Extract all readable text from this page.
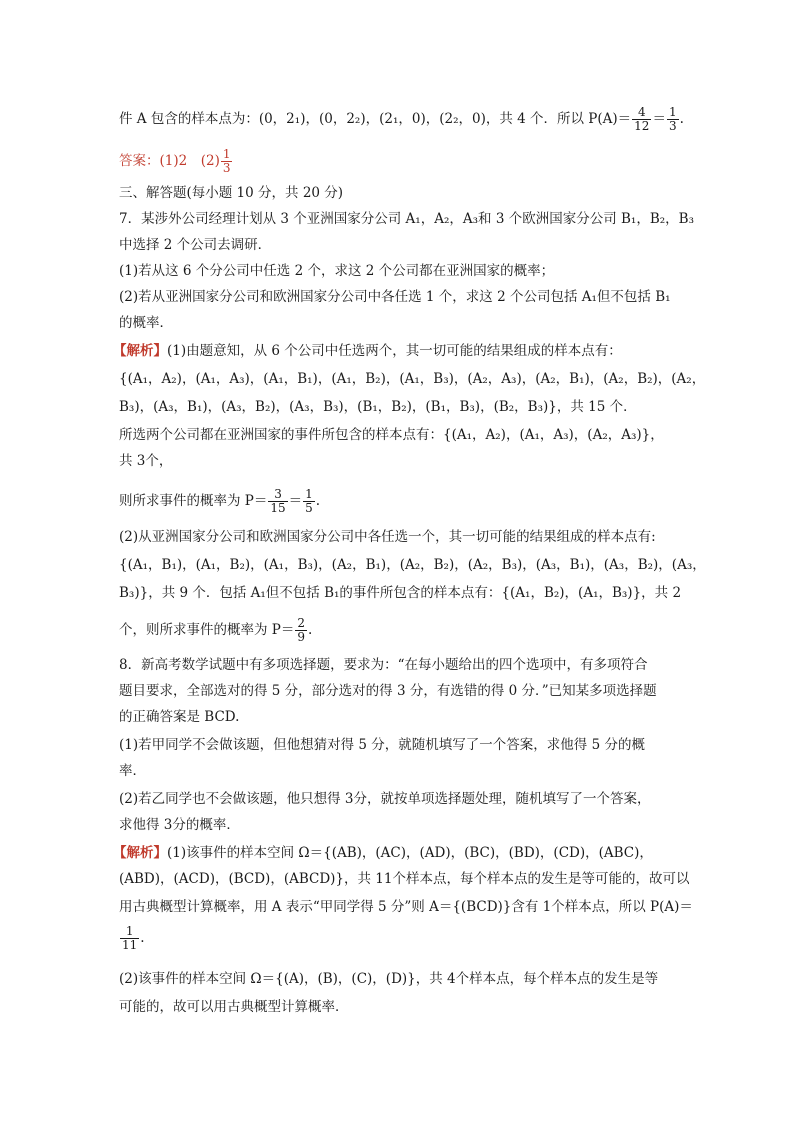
件 A 包含的样本点为：(0，2₁)，(0，2₂)，(2₁，0)，(2₂，0)，共 4 个．所以 $P(A)= \frac{4}{12} = \frac{1}{3}$ .
答案：(1)2　$(2) \frac{1}{3}$
三、解答题(每小题 10 分，共 20 分)
7．某涉外公司经理计划从 3 个亚洲国家分公司 A₁，A₂，A₃和 3 个欧洲国家分公司 B₁，B₂，B₃
中选择 2 个公司去调研．
(1)若从这 6 个分公司中任选 2 个，求这 2 个公司都在亚洲国家的概率；
(2)若从亚洲国家分公司和欧洲国家分公司中各任选 1 个，求这 2 个公司包括 A₁但不包括 B₁
的概率．
【解析】(1)由题意知，从 6 个公司中任选两个，其一切可能的结果组成的样本点有：
{(A₁，A₂)，(A₁，A₃)，(A₁，B₁)，(A₁，B₂)，(A₁，B₃)，(A₂，A₃)，(A₂，B₁)，(A₂，B₂)，(A₂，
B₃)，(A₃，B₁)，(A₃，B₂)，(A₃，B₃)，(B₁，B₂)，(B₁，B₃)，(B₂，B₃)}，共 15 个．
所选两个公司都在亚洲国家的事件所包含的样本点有：{(A₁，A₂)，(A₁，A₃)，(A₂，A₃)}，
共 3个，
则所求事件的概率为 $P= \frac{3}{15} = \frac{1}{5}$ .
(2)从亚洲国家分公司和欧洲国家分公司中各任选一个，其一切可能的结果组成的样本点有:
{(A₁，B₁)，(A₁，B₂)，(A₁，B₃)，(A₂，B₁)，(A₂，B₂)，(A₂，B₃)，(A₃，B₁)，(A₃，B₂)，(A₃，
B₃)}，共 9 个．包括 A₁但不包括 B₁的事件所包含的样本点有：{(A₁，B₂)，(A₁，B₃)}，共 2
个，则所求事件的概率为 $P= \frac{2}{9}$ .
8．新高考数学试题中有多项选择题，要求为：“在每小题给出的四个选项中，有多项符合
题目要求，全部选对的得 5 分，部分选对的得 3 分，有选错的得 0 分．”已知某多项选择题
的正确答案是 BCD.
(1)若甲同学不会做该题，但他想猜对得 5 分，就随机填写了一个答案，求他得 5 分的概
率．
(2)若乙同学也不会做该题，他只想得 3分，就按单项选择题处理，随机填写了一个答案，
求他得 3分的概率．
【解析】(1)该事件的样本空间 Ω＝{(AB)，(AC)，(AD)，(BC)，(BD)，(CD)，(ABC)，
(ABD)，(ACD)，(BCD)，(ABCD)}，共 11个样本点，每个样本点的发生是等可能的，故可以
用古典概型计算概率，用 A 表示“甲同学得 5 分”则 A＝{(BCD)}含有 1个样本点，所以 P(A)＝
$\frac{1}{11}$ .
(2)该事件的样本空间 Ω＝{(A)，(B)，(C)，(D)}，共 4个样本点，每个样本点的发生是等
可能的，故可以用古典概型计算概率．
